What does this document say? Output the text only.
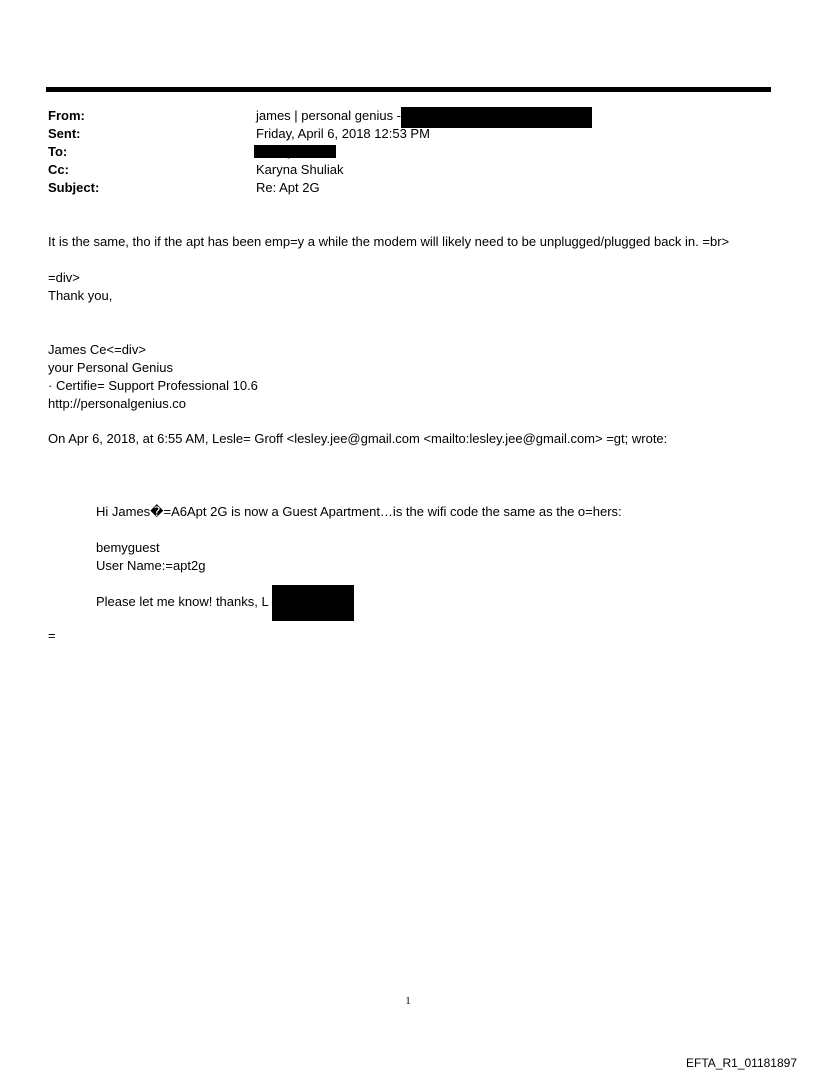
From:
Sent:
To:
Cc:
Subject:
james | personal genius -
Friday, April 6, 2018 12:53 PM
Karyna Shuliak
Re: Apt 2G
It is the same, tho if the apt has been emp=y a while the modem will likely need to be unplugged/plugged back in. =br>
=div>
Thank you,
James Ce<=div>
your Personal Genius
· Certifie= Support Professional 10.6
http://personalgenius.co
On Apr 6, 2018, at 6:55 AM, Lesle= Groff <lesley.jee@gmail.com <mailto:lesley.jee@gmail.com> =gt; wrote:
Hi James�=A6Apt 2G is now a Guest Apartment…is the wifi code the same as the o=hers:
bemyguest
User Name:=apt2g
Please let me know! thanks, L
=
1
EFTA_R1_01181897
